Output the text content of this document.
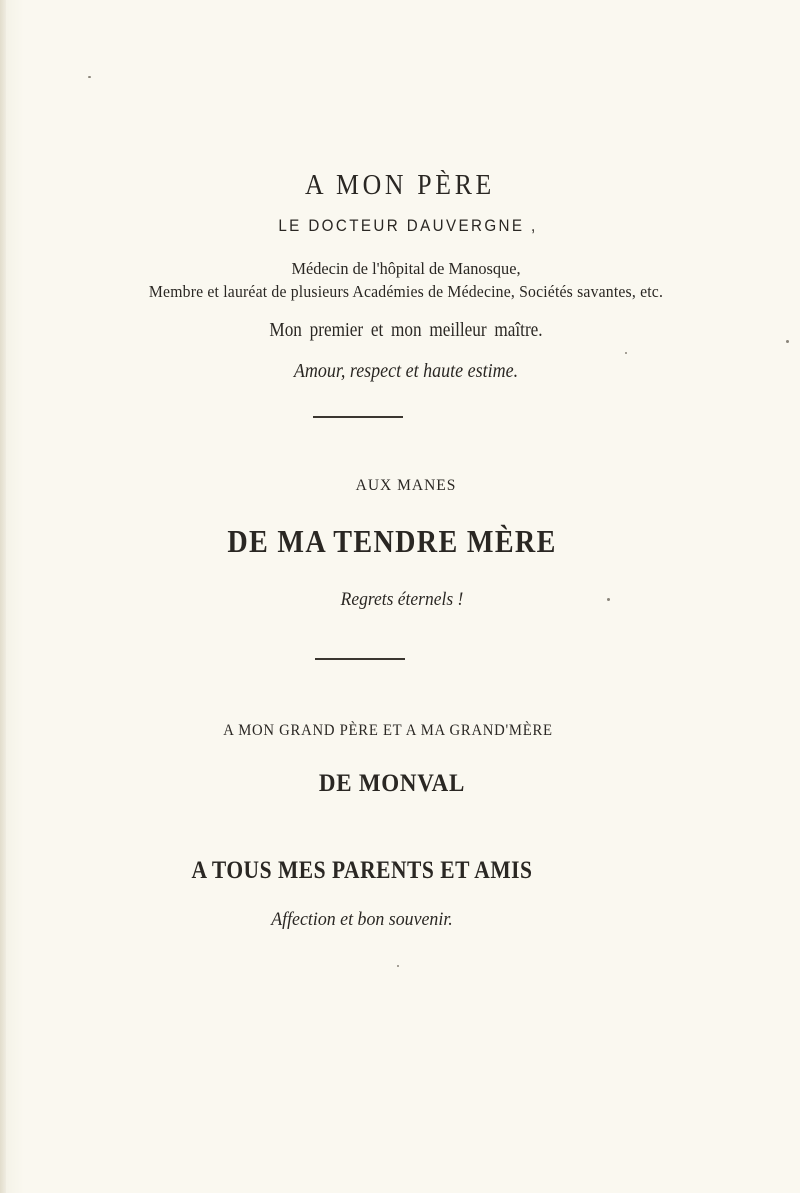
A MON PÈRE

LE DOCTEUR DAUVERGNE ,

Médecin de l'hôpital de Manosque,

Membre et lauréat de plusieurs Académies de Médecine, Sociétés savantes, etc.

Mon premier et mon meilleur maître.

Amour, respect et haute estime.

AUX MANES

DE MA TENDRE MÈRE

Regrets éternels !

A MON GRAND PÈRE ET A MA GRAND'MÈRE

DE MONVAL

A TOUS MES PARENTS ET AMIS

Affection et bon souvenir.
